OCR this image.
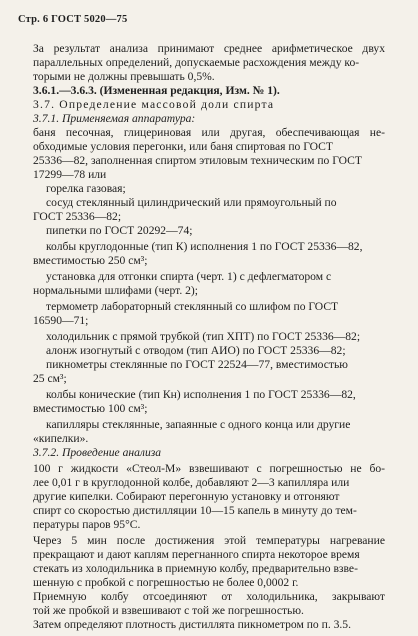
Стр. 6 ГОСТ 5020—75
За результат анализа принимают среднее арифметическое двух
параллельных определений, допускаемые расхождения между ко-
торыми не должны превышать 0,5%.
3.6.1.—3.6.3. (Измененная редакция, Изм. № 1).
3.7. Определение массовой доли спирта
3.7.1. Применяемая аппаратура:
баня песочная, глицериновая или другая, обеспечивающая не-
обходимые условия перегонки, или баня спиртовая по ГОСТ
25336—82, заполненная спиртом этиловым техническим по ГОСТ
17299—78 или
горелка газовая;
сосуд стеклянный цилиндрический или прямоугольный по
ГОСТ 25336—82;
пипетки по ГОСТ 20292—74;
колбы круглодонные (тип К) исполнения 1 по ГОСТ 25336—82,
вместимостью 250 см³;
установка для отгонки спирта (черт. 1) с дефлегматором с
нормальными шлифами (черт. 2);
термометр лабораторный стеклянный со шлифом по ГОСТ
16590—71;
холодильник с прямой трубкой (тип ХПТ) по ГОСТ 25336—82;
алонж изогнутый с отводом (тип АИО) по ГОСТ 25336—82;
пикнометры стеклянные по ГОСТ 22524—77, вместимостью
25 см³;
колбы конические (тип Кн) исполнения 1 по ГОСТ 25336—82,
вместимостью 100 см³;
капилляры стеклянные, запаянные с одного конца или другие
«кипелки».
3.7.2. Проведение анализа
100 г жидкости «Стеол-М» взвешивают с погрешностью не бо-
лее 0,01 г в круглодонной колбе, добавляют 2—3 капилляра или
другие кипелки. Собирают перегонную установку и отгоняют
спирт со скоростью дистилляции 10—15 капель в минуту до тем-
пературы паров 95°С.
Через 5 мин после достижения этой температуры нагревание
прекращают и дают каплям перегнанного спирта некоторое время
стекать из холодильника в приемную колбу, предварительно взве-
шенную с пробкой с погрешностью не более 0,0002 г.
Приемную колбу отсоединяют от холодильника, закрывают
той же пробкой и взвешивают с той же погрешностью.
Затем определяют плотность дистиллята пикнометром по п. 3.5.
